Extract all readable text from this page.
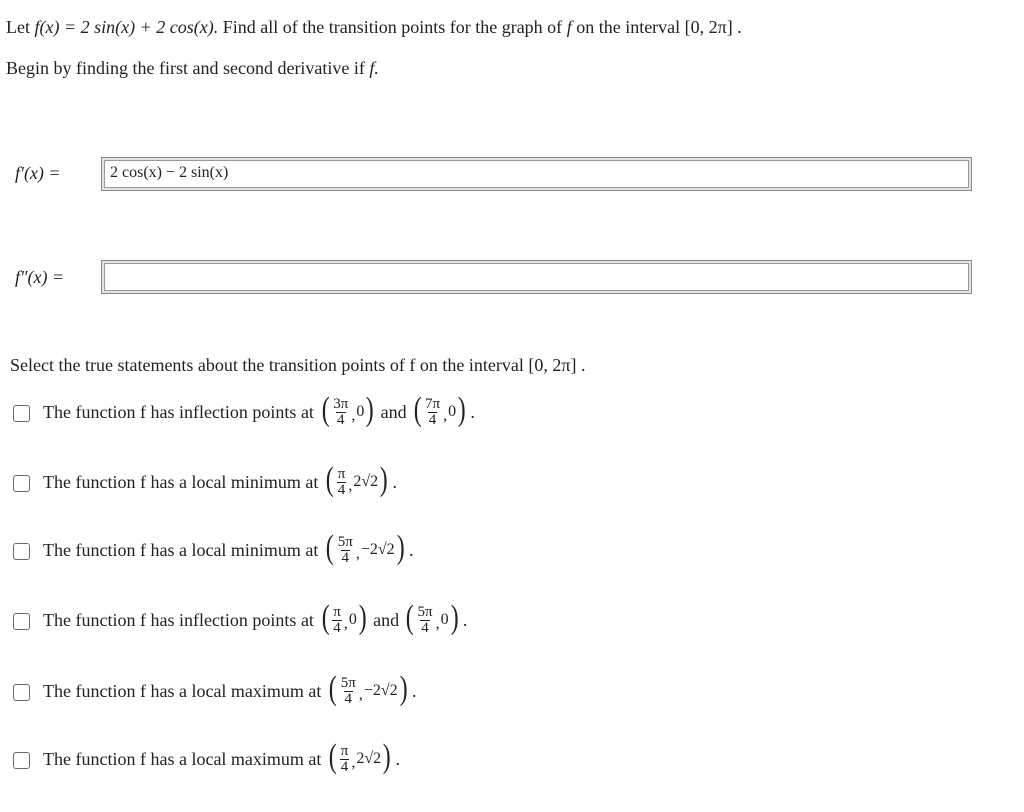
Let f(x) = 2 sin(x) + 2 cos(x). Find all of the transition points for the graph of f on the interval [0, 2π] .
Begin by finding the first and second derivative if f.
f′(x) =	2 cos(x) − 2 sin(x)
f″(x) =
Select the true statements about the transition points of f on the interval [0, 2π] .
The function f has inflection points at ( $\frac{3\pi}{4}$ , 0 ) and ( $\frac{7\pi}{4}$ , 0 ) .
The function f has a local minimum at ( $\frac{\pi}{4}$ , 2√2 ) .
The function f has a local minimum at ( $\frac{5\pi}{4}$ , −2√2 ) .
The function f has inflection points at ( $\frac{\pi}{4}$ , 0 ) and ( $\frac{5\pi}{4}$ , 0 ) .
The function f has a local maximum at ( $\frac{5\pi}{4}$ , −2√2 ) .
The function f has a local maximum at ( $\frac{\pi}{4}$ , 2√2 ) .
